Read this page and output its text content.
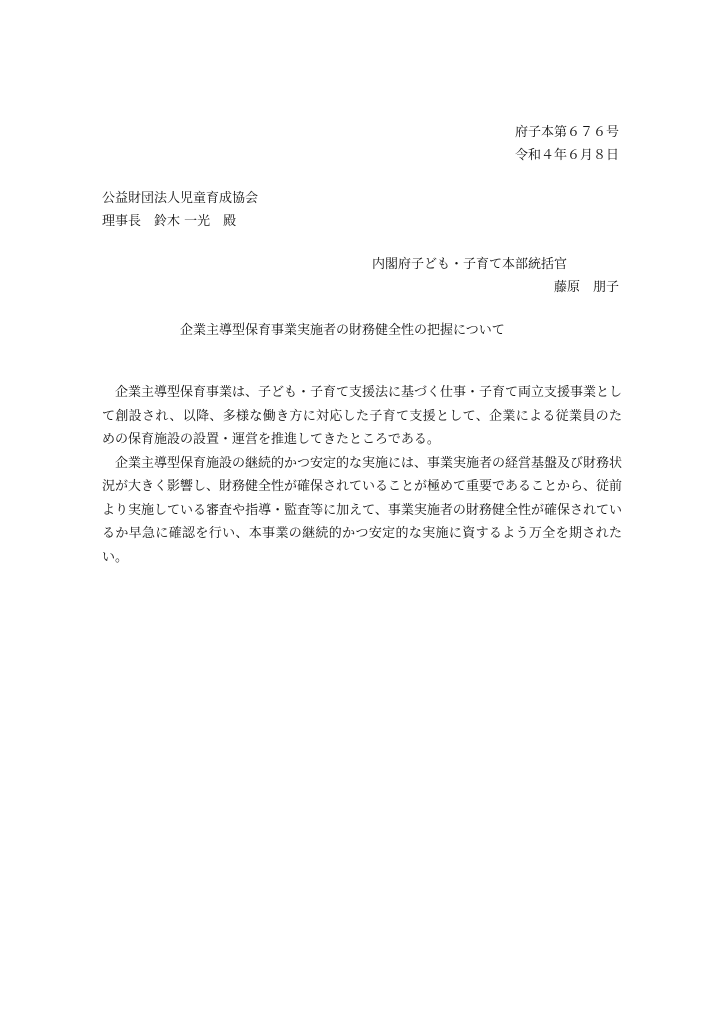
府子本第６７６号
令和４年６月８日
公益財団法人児童育成協会
理事長　鈴木 一光　殿
内閣府子ども・子育て本部統括官
藤原　朋子
企業主導型保育事業実施者の財務健全性の把握について

企業主導型保育事業は、子ども・子育て支援法に基づく仕事・子育て両立支援事業として創設され、以降、多様な働き方に対応した子育て支援として、企業による従業員のための保育施設の設置・運営を推進してきたところである。

企業主導型保育施設の継続的かつ安定的な実施には、事業実施者の経営基盤及び財務状況が大きく影響し、財務健全性が確保されていることが極めて重要であることから、従前より実施している審査や指導・監査等に加えて、事業実施者の財務健全性が確保されているか早急に確認を行い、本事業の継続的かつ安定的な実施に資するよう万全を期されたい。
